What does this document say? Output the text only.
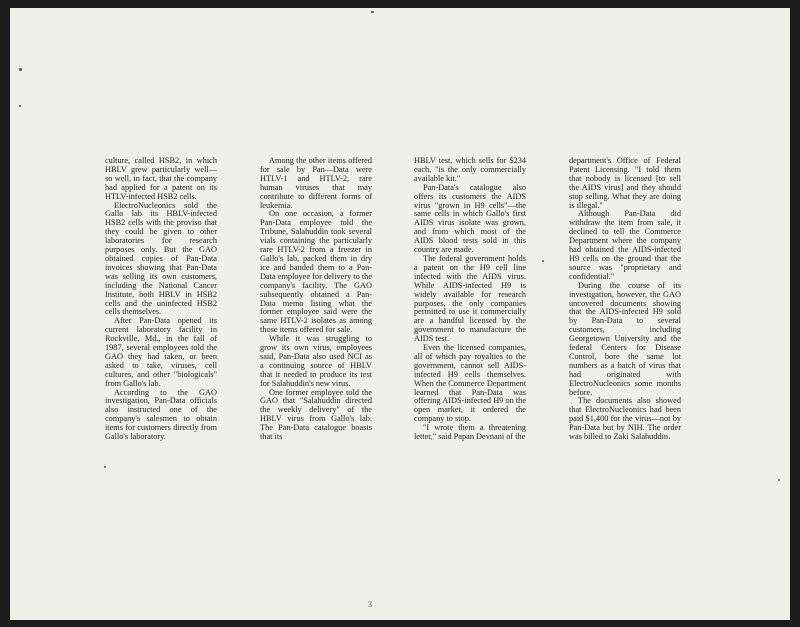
culture, called HSB2, in which HBLV grew particularly well—so well, in fact, that the company had applied for a patent on its HTLV-infected HSB2 cells.

ElectroNucleonics sold the Gallo lab its HBLV-infected HSB2 cells with the proviso that they could be given to other laboratories for research purposes only. But the GAO obtained copies of Pan-Data invoices showing that Pan-Data was selling its own customers, including the National Cancer Institute, both HBLV in HSB2 cells and the uninfected HSB2 cells themselves.

After Pan-Data opened its current laboratory facility in Rockville, Md., in the fall of 1987, several employees told the GAO they had taken, or been asked to take, viruses, cell cultures, and other "biologicals" from Gallo's lab.

According to the GAO investigation, Pan-Data officials also instructed one of the company's salesmen to obtain items for customers directly from Gallo's laboratory.

Among the other items offered for sale by Pan—Data were HTLV-1 and HTLV-2, rare human viruses that may contribute to different forms of leukemia.

On one occasion, a former Pan-Data employee told the Tribune, Salahuddin took several vials containing the particularly rare HTLV-2 from a freezer in Gallo's lab, packed them in dry ice and handed them to a Pan-Data employee for delivery to the company's facility. The GAO subsequently obtained a Pan-Data memo listing what the former employee said were the same HTLV-2 isolates as among those items offered for sale.

While it was struggling to grow its own virus, employees said, Pan-Data also used NCI as a continuing source of HBLV that it needed to produce its test for Salahuddin's new virus.

One former employee told the GAO that "Salahuddin directed the weekly delivery" of the HBLV virus from Gallo's lab. The Pan-Data catalogue boasts that its

HBLV test, which sells for $234 each, "is the only commercially available kit."

Pan-Data's catalogue also offers its customers the AIDS virus "grown in H9 cells"—the same cells in which Gallo's first AIDS virus isolate was grown, and from which most of the AIDS blood tests sold in this country are made.

The federal government holds a patent on the H9 cell line infected with the AIDS virus. While AIDS-infected H9 is widely available for research purposes, the only companies permitted to use it commercially are a handful licensed by the government to manufacture the AIDS test.

Even the licensed companies, all of which pay royalties to the government, cannot sell AIDS-infected H9 cells themselves. When the Commerce Department learned that Pan-Data was offering AIDS-infected H9 on the open market, it ordered the company to stop.

"I wrote them a threatening letter," said Papan Devnani of the

department's Office of Federal Patent Licensing. "I told them that nobody is licensed [to sell the AIDS virus] and they should stop selling. What they are doing is illegal."

Although Pan-Data did withdraw the item from sale, it declined to tell the Commerce Department where the company had obtained the AIDS-infected H9 cells on the ground that the source was "proprietary and confidential."

During the course of its investigation, however, the GAO uncovered documents showing that the AIDS-infected H9 sold by Pan-Data to several customers, including Georgetown University and the federal Centers for Disease Control, bore the same lot numbers as a batch of virus that had originated with ElectroNucleonics some months before.

The documents also showed that ElectroNucleonics had been paid $1,400 for the virus—not by Pan-Data but by NIH. The order was billed to Zaki Salahuddin.

3
